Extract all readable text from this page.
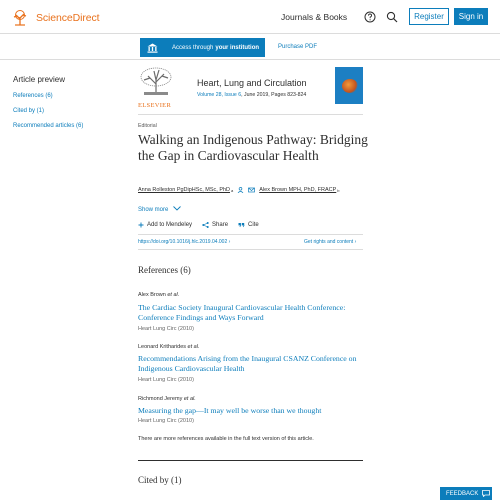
ScienceDirect	Journals & Books	Register	Sign in
Access through your institution	Purchase PDF
Article preview
References (6)
Cited by (1)
Recommended articles (6)
ELSEVIER
Heart, Lung and Circulation
Volume 28, Issue 6, June 2019, Pages 823-824
Editorial
Walking an Indigenous Pathway: Bridging the Gap in Cardiovascular Health
Anna Rolleston PgDipHSc, MSc, PhD a	Alex Brown MPH, PhD, FRACP b
Show more
Add to Mendeley	Share	Cite
https://doi.org/10.1016/j.hlc.2019.04.002 ›	Get rights and content ›
References (6)
Alex Brown et al.
The Cardiac Society Inaugural Cardiovascular Health Conference: Conference Findings and Ways Forward
Heart Lung Circ (2010)
Leonard Kritharides et al.
Recommendations Arising from the Inaugural CSANZ Conference on Indigenous Cardiovascular Health
Heart Lung Circ (2010)
Richmond Jeremy et al.
Measuring the gap—It may well be worse than we thought
Heart Lung Circ (2010)
There are more references available in the full text version of this article.
Cited by (1)
FEEDBACK
